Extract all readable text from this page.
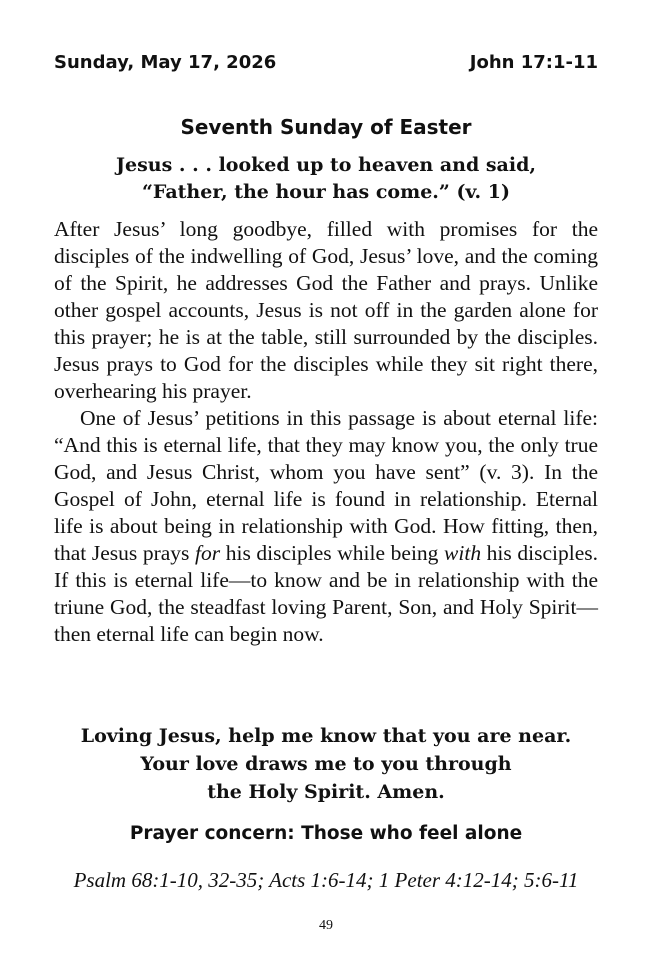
Sunday, May 17, 2026	John 17:1-11
Seventh Sunday of Easter
Jesus . . . looked up to heaven and said,
“Father, the hour has come.” (v. 1)

After Jesus’ long goodbye, filled with promises for the disciples of the indwelling of God, Jesus’ love, and the coming of the Spirit, he addresses God the Father and prays. Unlike other gospel accounts, Jesus is not off in the garden alone for this prayer; he is at the table, still surrounded by the disciples. Jesus prays to God for the disciples while they sit right there, overhearing his prayer.

One of Jesus’ petitions in this passage is about eternal life: “And this is eternal life, that they may know you, the only true God, and Jesus Christ, whom you have sent” (v. 3). In the Gospel of John, eternal life is found in relationship. Eternal life is about being in relationship with God. How fitting, then, that Jesus prays for his disciples while being with his disciples. If this is eternal life—to know and be in relationship with the triune God, the steadfast loving Parent, Son, and Holy Spirit—then eternal life can begin now.

Loving Jesus, help me know that you are near.
Your love draws me to you through
the Holy Spirit. Amen.
Prayer concern: Those who feel alone
Psalm 68:1-10, 32-35; Acts 1:6-14; 1 Peter 4:12-14; 5:6-11
49
